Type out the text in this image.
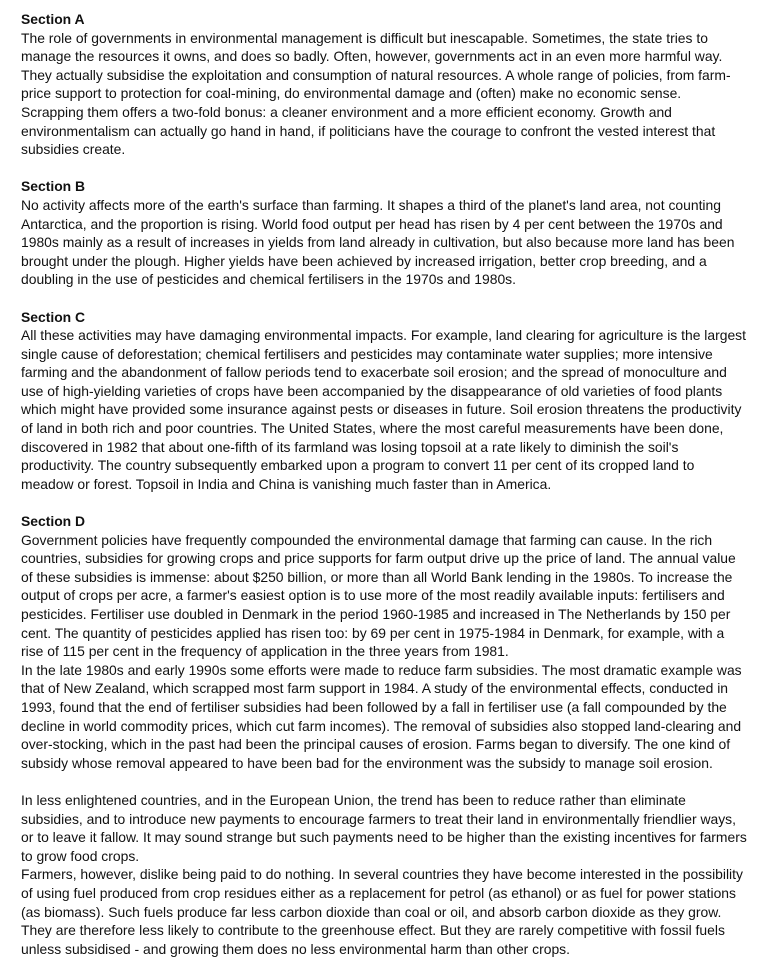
Section A
The role of governments in environmental management is difficult but inescapable. Sometimes, the state tries to manage the resources it owns, and does so badly. Often, however, governments act in an even more harmful way. They actually subsidise the exploitation and consumption of natural resources. A whole range of policies, from farm-price support to protection for coal-mining, do environmental damage and (often) make no economic sense. Scrapping them offers a two-fold bonus: a cleaner environment and a more efficient economy. Growth and environmentalism can actually go hand in hand, if politicians have the courage to confront the vested interest that subsidies create.
Section B
No activity affects more of the earth's surface than farming. It shapes a third of the planet's land area, not counting Antarctica, and the proportion is rising. World food output per head has risen by 4 per cent between the 1970s and 1980s mainly as a result of increases in yields from land already in cultivation, but also because more land has been brought under the plough. Higher yields have been achieved by increased irrigation, better crop breeding, and a doubling in the use of pesticides and chemical fertilisers in the 1970s and 1980s.
Section C
All these activities may have damaging environmental impacts. For example, land clearing for agriculture is the largest single cause of deforestation; chemical fertilisers and pesticides may contaminate water supplies; more intensive farming and the abandonment of fallow periods tend to exacerbate soil erosion; and the spread of monoculture and use of high-yielding varieties of crops have been accompanied by the disappearance of old varieties of food plants which might have provided some insurance against pests or diseases in future. Soil erosion threatens the productivity of land in both rich and poor countries. The United States, where the most careful measurements have been done, discovered in 1982 that about one-fifth of its farmland was losing topsoil at a rate likely to diminish the soil's productivity. The country subsequently embarked upon a program to convert 11 per cent of its cropped land to meadow or forest. Topsoil in India and China is vanishing much faster than in America.
Section D
Government policies have frequently compounded the environmental damage that farming can cause. In the rich countries, subsidies for growing crops and price supports for farm output drive up the price of land. The annual value of these subsidies is immense: about $250 billion, or more than all World Bank lending in the 1980s. To increase the output of crops per acre, a farmer's easiest option is to use more of the most readily available inputs: fertilisers and pesticides. Fertiliser use doubled in Denmark in the period 1960-1985 and increased in The Netherlands by 150 per cent. The quantity of pesticides applied has risen too: by 69 per cent in 1975-1984 in Denmark, for example, with a rise of 115 per cent in the frequency of application in the three years from 1981.
In the late 1980s and early 1990s some efforts were made to reduce farm subsidies. The most dramatic example was that of New Zealand, which scrapped most farm support in 1984. A study of the environmental effects, conducted in 1993, found that the end of fertiliser subsidies had been followed by a fall in fertiliser use (a fall compounded by the decline in world commodity prices, which cut farm incomes). The removal of subsidies also stopped land-clearing and over-stocking, which in the past had been the principal causes of erosion. Farms began to diversify. The one kind of subsidy whose removal appeared to have been bad for the environment was the subsidy to manage soil erosion.
In less enlightened countries, and in the European Union, the trend has been to reduce rather than eliminate subsidies, and to introduce new payments to encourage farmers to treat their land in environmentally friendlier ways, or to leave it fallow. It may sound strange but such payments need to be higher than the existing incentives for farmers to grow food crops.
Farmers, however, dislike being paid to do nothing. In several countries they have become interested in the possibility of using fuel produced from crop residues either as a replacement for petrol (as ethanol) or as fuel for power stations (as biomass). Such fuels produce far less carbon dioxide than coal or oil, and absorb carbon dioxide as they grow. They are therefore less likely to contribute to the greenhouse effect. But they are rarely competitive with fossil fuels unless subsidised - and growing them does no less environmental harm than other crops.
